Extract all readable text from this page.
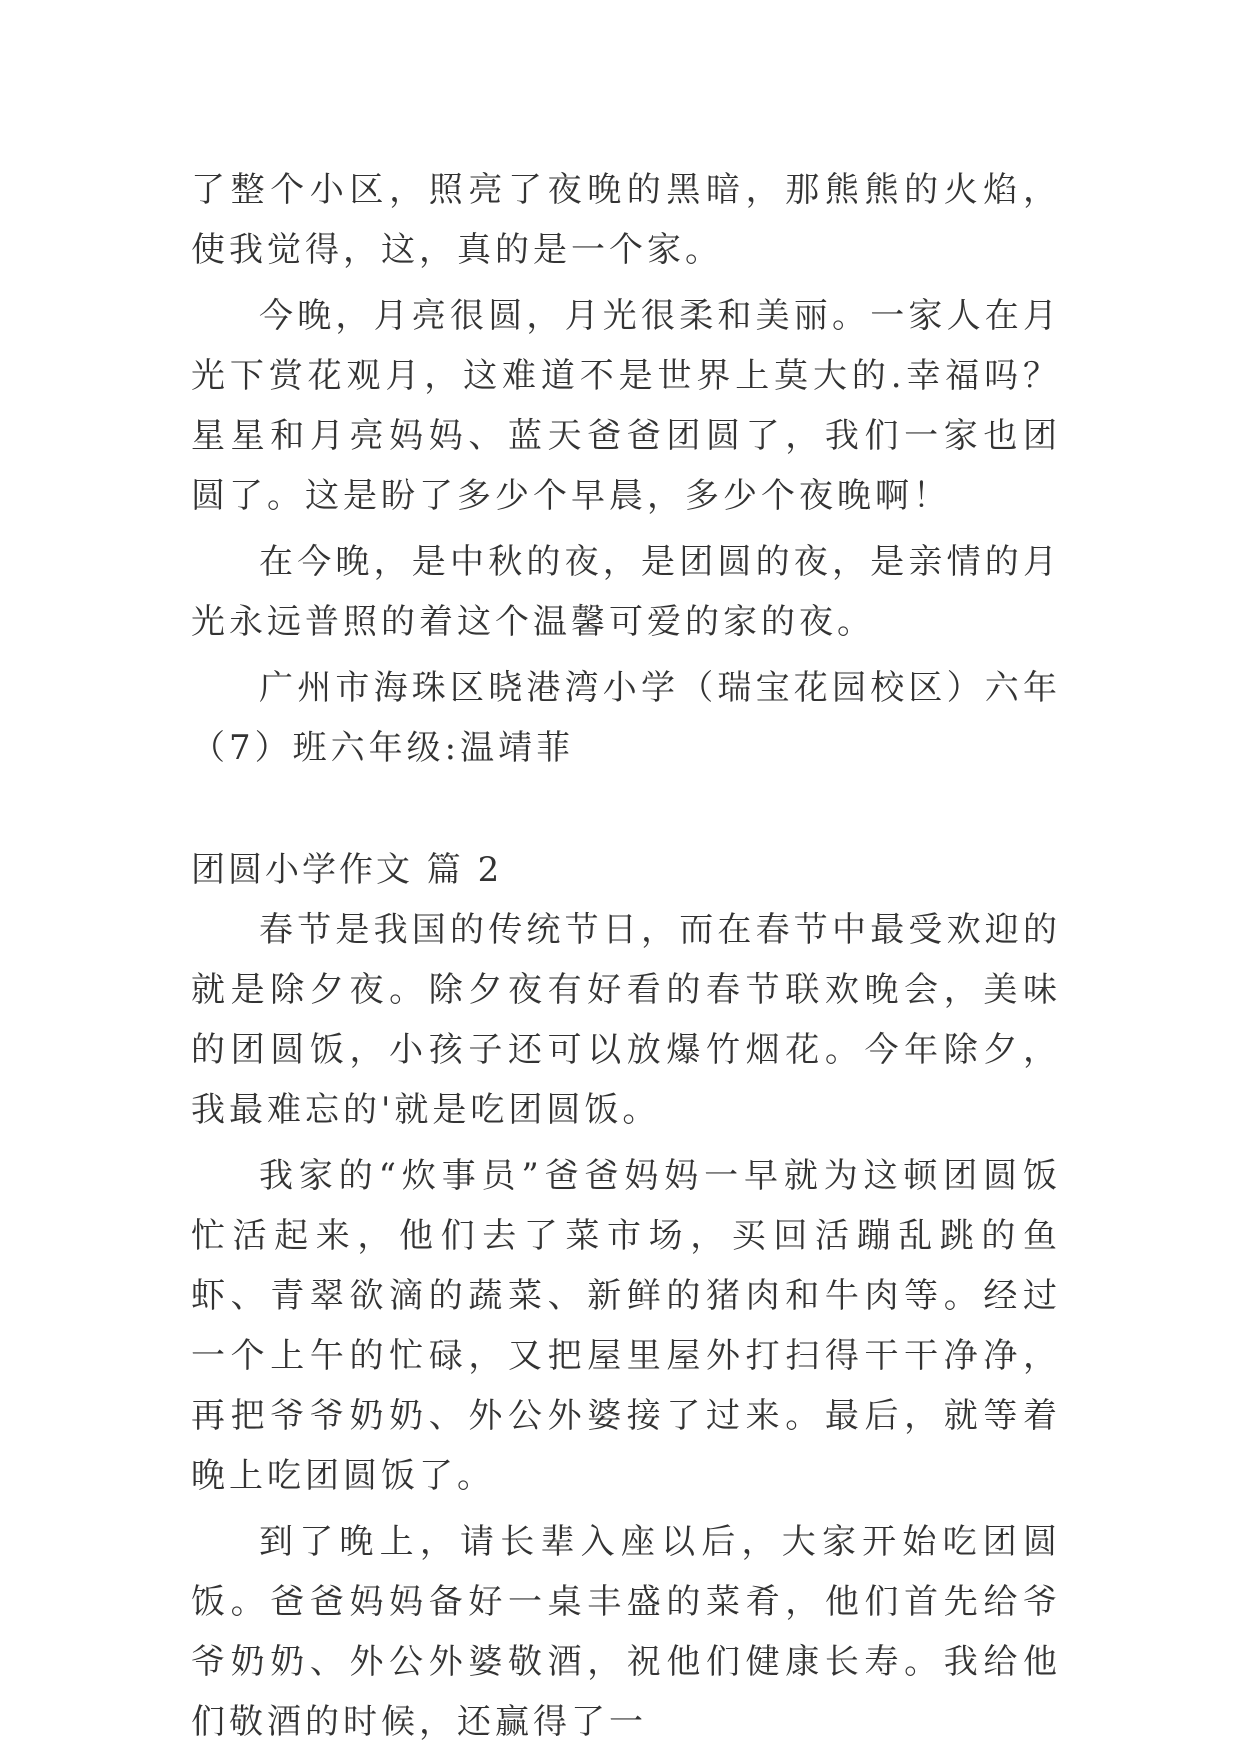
了整个小区，照亮了夜晚的黑暗，那熊熊的火焰，使我觉得，这，真的是一个家。

今晚，月亮很圆，月光很柔和美丽。一家人在月光下赏花观月，这难道不是世界上莫大的.幸福吗？星星和月亮妈妈、蓝天爸爸团圆了，我们一家也团圆了。这是盼了多少个早晨，多少个夜晚啊！

在今晚，是中秋的夜，是团圆的夜，是亲情的月光永远普照的着这个温馨可爱的家的夜。

广州市海珠区晓港湾小学（瑞宝花园校区）六年（7）班六年级:温靖菲

团圆小学作文 篇 2

春节是我国的传统节日，而在春节中最受欢迎的就是除夕夜。除夕夜有好看的春节联欢晚会，美味的团圆饭，小孩子还可以放爆竹烟花。今年除夕，我最难忘的'就是吃团圆饭。

我家的“炊事员”爸爸妈妈一早就为这顿团圆饭忙活起来，他们去了菜市场，买回活蹦乱跳的鱼虾、青翠欲滴的蔬菜、新鲜的猪肉和牛肉等。经过一个上午的忙碌，又把屋里屋外打扫得干干净净，再把爷爷奶奶、外公外婆接了过来。最后，就等着晚上吃团圆饭了。

到了晚上，请长辈入座以后，大家开始吃团圆饭。爸爸妈妈备好一桌丰盛的菜肴，他们首先给爷爷奶奶、外公外婆敬酒，祝他们健康长寿。我给他们敬酒的时候，还赢得了一
